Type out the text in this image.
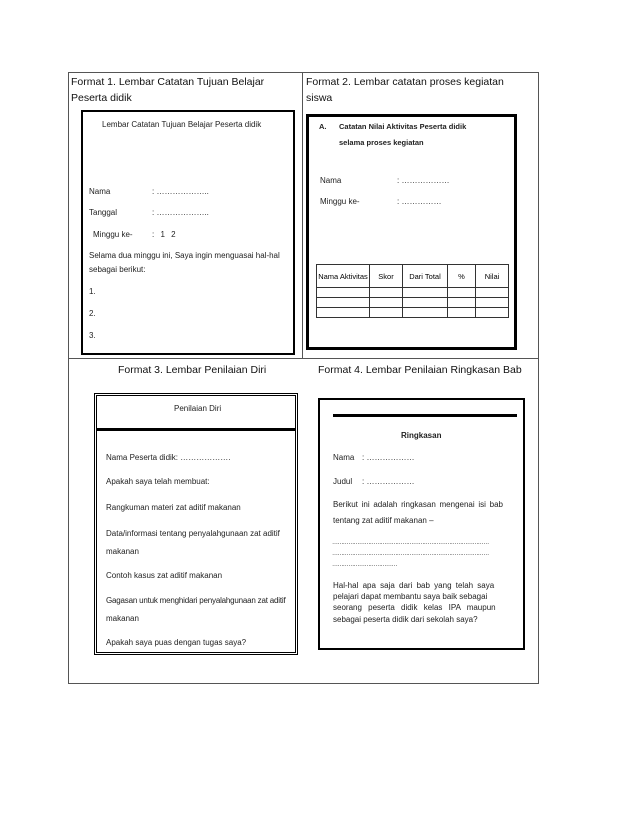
Format 1. Lembar Catatan Tujuan Belajar
Peserta didik
Format 2. Lembar catatan proses kegiatan
siswa
Format 3. Lembar Penilaian Diri	Format 4. Lembar Penilaian Ringkasan Bab
Lembar Catatan Tujuan Belajar Peserta didik
Nama	: ………………..
Tanggal	: ………………..
Minggu ke- : 1 2
Selama dua minggu ini, Saya ingin menguasai hal-hal
sebagai berikut:
1.
2.
3.
A. Catatan Nilai Aktivitas Peserta didik
selama proses kegiatan
Nama	: ………………
Minggu ke-	: ……………
Nama Aktivitas	Skor	Dari Total	%	Nilai

Penilaian Diri
Nama Peserta didik: ……………….
Apakah saya telah membuat:
Rangkuman materi zat aditif makanan
Data/informasi tentang penyalahgunaan zat aditif
makanan
Contoh kasus zat aditif makanan
Gagasan untuk menghidari penyalahgunaan zat aditif
makanan
Apakah saya puas dengan tugas saya?
Ringkasan
Nama : ………………
Judul : ………………
Berikut ini adalah ringkasan mengenai isi bab
tentang zat aditif makanan –
……………………………………………………………………………
……………………………………………………………………………
………………………………
Hal-hal apa saja dari bab yang telah saya
pelajari dapat membantu saya baik sebagai
seorang peserta didik kelas IPA maupun
sebagai peserta didik dari sekolah saya?
